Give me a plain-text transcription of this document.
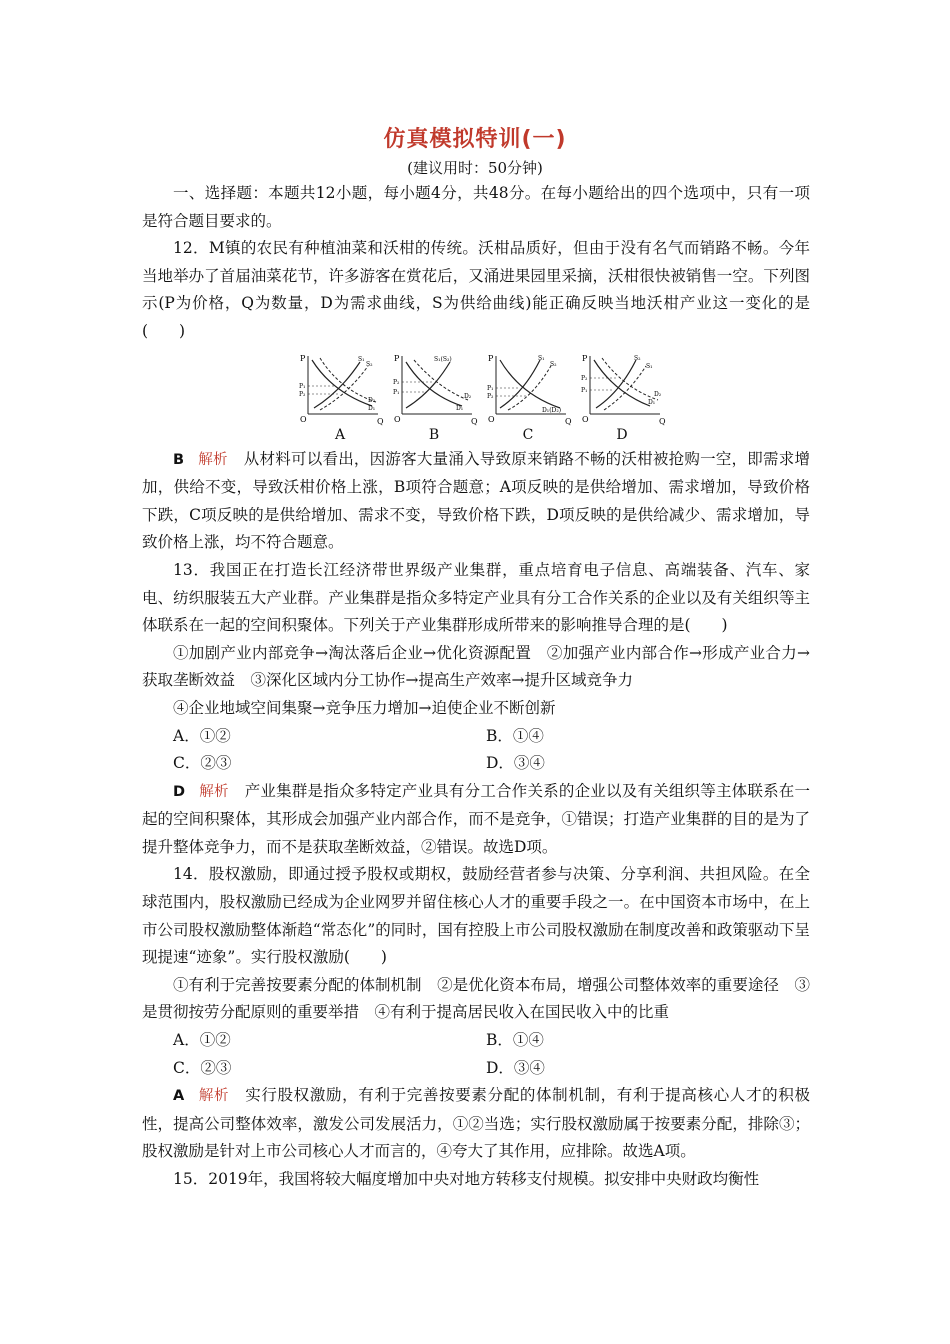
仿真模拟特训(一)
(建议用时：50分钟)

一、选择题：本题共12小题，每小题4分，共48分。在每小题给出的四个选项中，只有一项是符合题目要求的。

12．M镇的农民有种植油菜和沃柑的传统。沃柑品质好，但由于没有名气而销路不畅。今年当地举办了首届油菜花节，许多游客在赏花后，又涌进果园里采摘，沃柑很快被销售一空。下列图示(P为价格，Q为数量，D为需求曲线，S为供给曲线)能正确反映当地沃柑产业这一变化的是(　　)

P
Q
O
S₁
S₂
D₂
D₁
P₁
P₂
A
P
Q
O
S₁(S₂)
D₂
D₁
P₂
P₁
B
P
Q
O
S₁
S₂
D₁(D₂)
P₁
P₂
C
P
Q
O
S₂
S₁
D₁
D₂
P₂
P₁
D

B 解析 从材料可以看出，因游客大量涌入导致原来销路不畅的沃柑被抢购一空，即需求增加，供给不变，导致沃柑价格上涨，B项符合题意；A项反映的是供给增加、需求增加，导致价格下跌，C项反映的是供给增加、需求不变，导致价格下跌，D项反映的是供给减少、需求增加，导致价格上涨，均不符合题意。

13．我国正在打造长江经济带世界级产业集群，重点培育电子信息、高端装备、汽车、家电、纺织服装五大产业群。产业集群是指众多特定产业具有分工合作关系的企业以及有关组织等主体联系在一起的空间积聚体。下列关于产业集群形成所带来的影响推导合理的是(　　)

①加剧产业内部竞争→淘汰落后企业→优化资源配置　②加强产业内部合作→形成产业合力→获取垄断效益　③深化区域内分工协作→提高生产效率→提升区域竞争力

④企业地域空间集聚→竞争压力增加→迫使企业不断创新

A．①②	B．①④
C．②③	D．③④

D 解析 产业集群是指众多特定产业具有分工合作关系的企业以及有关组织等主体联系在一起的空间积聚体，其形成会加强产业内部合作，而不是竞争，①错误；打造产业集群的目的是为了提升整体竞争力，而不是获取垄断效益，②错误。故选D项。

14．股权激励，即通过授予股权或期权，鼓励经营者参与决策、分享利润、共担风险。在全球范围内，股权激励已经成为企业网罗并留住核心人才的重要手段之一。在中国资本市场中，在上市公司股权激励整体渐趋“常态化”的同时，国有控股上市公司股权激励在制度改善和政策驱动下呈现提速“迹象”。实行股权激励(　　)

①有利于完善按要素分配的体制机制　②是优化资本布局，增强公司整体效率的重要途径　③是贯彻按劳分配原则的重要举措　④有利于提高居民收入在国民收入中的比重

A．①②	B．①④
C．②③	D．③④

A 解析 实行股权激励，有利于完善按要素分配的体制机制，有利于提高核心人才的积极性，提高公司整体效率，激发公司发展活力，①②当选；实行股权激励属于按要素分配，排除③；股权激励是针对上市公司核心人才而言的，④夸大了其作用，应排除。故选A项。

15．2019年，我国将较大幅度增加中央对地方转移支付规模。拟安排中央财政均衡性
